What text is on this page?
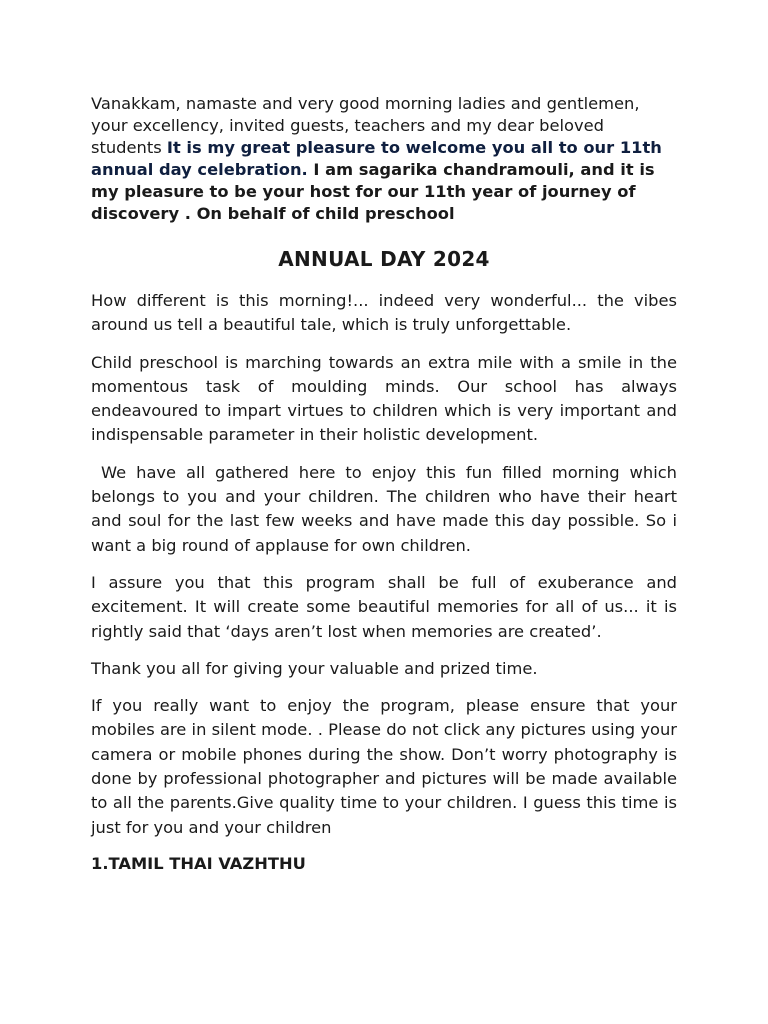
Vanakkam, namaste and very good morning ladies and gentlemen, your excellency, invited guests, teachers and my dear beloved students It is my great pleasure to welcome you all to our 11th annual day celebration. I am sagarika chandramouli, and it is my pleasure to be your host for our 11th year of journey of discovery . On behalf of child preschool

ANNUAL DAY 2024

How different is this morning!... indeed very wonderful... the vibes around us tell a beautiful tale, which is truly unforgettable.

Child preschool is marching towards an extra mile with a smile in the momentous task of moulding minds. Our school has always endeavoured to impart virtues to children which is very important and indispensable parameter in their holistic development.

We have all gathered here to enjoy this fun filled morning which belongs to you and your children. The children who have their heart and soul for the last few weeks and have made this day possible. So i want a big round of applause for own children.

I assure you that this program shall be full of exuberance and excitement. It will create some beautiful memories for all of us... it is rightly said that ‘days aren’t lost when memories are created’.

Thank you all for giving your valuable and prized time.

If you really want to enjoy the program, please ensure that your mobiles are in silent mode. . Please do not click any pictures using your camera or mobile phones during the show. Don’t worry photography is done by professional photographer and pictures will be made available to all the parents.Give quality time to your children. I guess this time is just for you and your children

1.TAMIL THAI VAZHTHU
